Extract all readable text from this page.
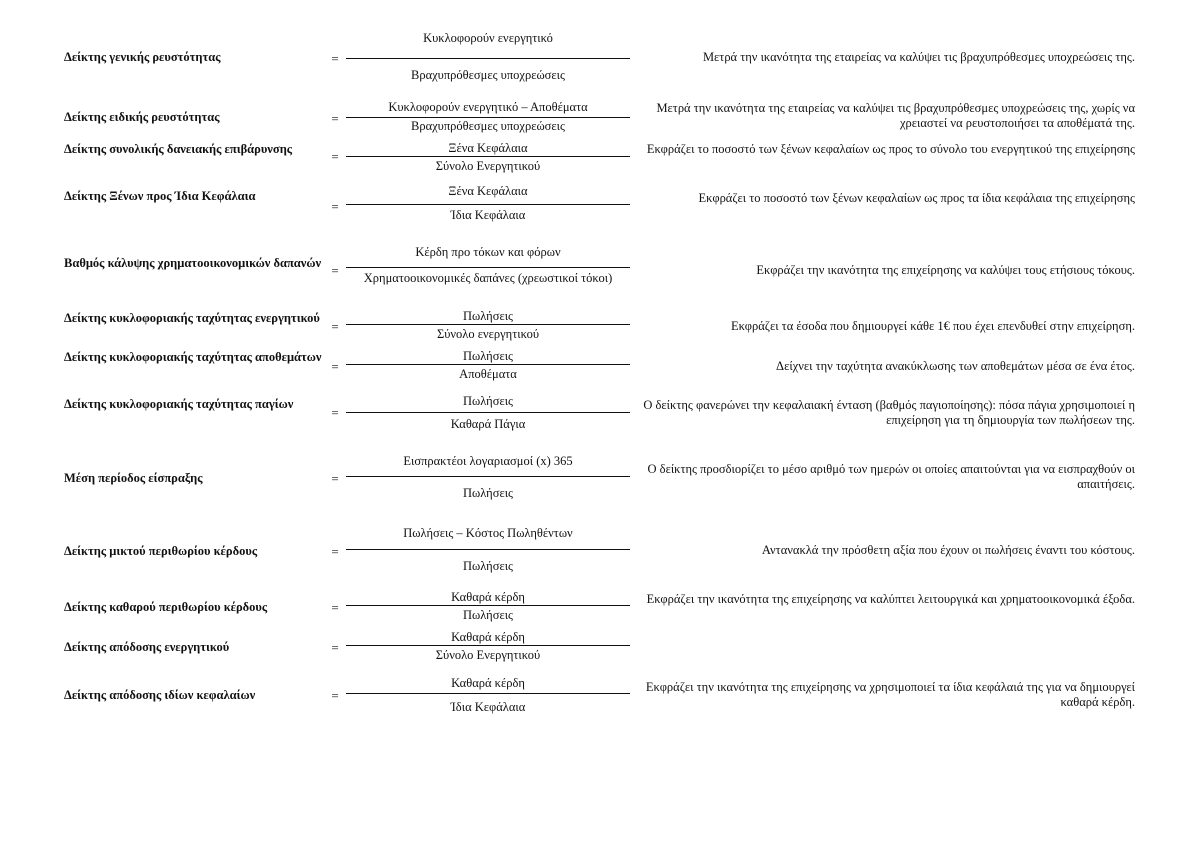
Δείκτης γενικής ρευστότητας	=
Κυκλοφορούν ενεργητικό
Βραχυπρόθεσμες υποχρεώσεις
Μετρά την ικανότητα της εταιρείας να καλύψει τις βραχυπρόθεσμες υποχρεώσεις της.
Δείκτης ειδικής ρευστότητας	=
Κυκλοφορούν ενεργητικό – Αποθέματα
Βραχυπρόθεσμες υποχρεώσεις
Μετρά την ικανότητα της εταιρείας να καλύψει τις βραχυπρόθεσμες υποχρεώσεις της, χωρίς να χρειαστεί να ρευστοποιήσει τα αποθέματά της.
Δείκτης συνολικής δανειακής επιβάρυνσης	=
Ξένα Κεφάλαια
Σύνολο Ενεργητικού
Εκφράζει το ποσοστό των ξένων κεφαλαίων ως προς το σύνολο του ενεργητικού της επιχείρησης
Δείκτης Ξένων προς Ίδια Κεφάλαια
=
Ξένα Κεφάλαια
Ίδια Κεφάλαια
Εκφράζει το ποσοστό των ξένων κεφαλαίων ως προς τα ίδια κεφάλαια της επιχείρησης
Βαθμός κάλυψης χρηματοοικονομικών δαπανών =
Κέρδη προ τόκων και φόρων
Χρηματοοικονομικές δαπάνες (χρεωστικοί τόκοι)
Εκφράζει την ικανότητα της επιχείρησης να καλύψει τους ετήσιους τόκους.
Δείκτης κυκλοφοριακής ταχύτητας ενεργητικού
=
Πωλήσεις
Σύνολο ενεργητικού
Εκφράζει τα έσοδα που δημιουργεί κάθε 1€ που έχει επενδυθεί στην επιχείρηση.
Δείκτης κυκλοφοριακής ταχύτητας αποθεμάτων
=
Πωλήσεις
Αποθέματα
Δείχνει την ταχύτητα ανακύκλωσης των αποθεμάτων μέσα σε ένα έτος.
Δείκτης κυκλοφοριακής ταχύτητας παγίων
=
Πωλήσεις
Καθαρά Πάγια
Ο δείκτης φανερώνει την κεφαλαιακή ένταση (βαθμός παγιοποίησης): πόσα πάγια χρησιμοποιεί η επιχείρηση για τη δημιουργία των πωλήσεων της.
Μέση περίοδος είσπραξης	=
Εισπρακτέοι λογαριασμοί (x) 365
Πωλήσεις
Ο δείκτης προσδιορίζει το μέσο αριθμό των ημερών οι οποίες απαιτούνται για να εισπραχθούν οι απαιτήσεις.
Δείκτης μικτού περιθωρίου κέρδους	=
Πωλήσεις – Κόστος Πωληθέντων
Πωλήσεις
Αντανακλά την πρόσθετη αξία που έχουν οι πωλήσεις έναντι του κόστους.
Δείκτης καθαρού περιθωρίου κέρδους	=
Καθαρά κέρδη
Πωλήσεις
Εκφράζει την ικανότητα της επιχείρησης να καλύπτει λειτουργικά και χρηματοοικονομικά έξοδα.
Δείκτης απόδοσης ενεργητικού	=
Καθαρά κέρδη
Σύνολο Ενεργητικού
Δείκτης απόδοσης ιδίων κεφαλαίων	=
Καθαρά κέρδη
Ίδια Κεφάλαια
Εκφράζει την ικανότητα της επιχείρησης να χρησιμοποιεί τα ίδια κεφάλαιά της για να δημιουργεί καθαρά κέρδη.
